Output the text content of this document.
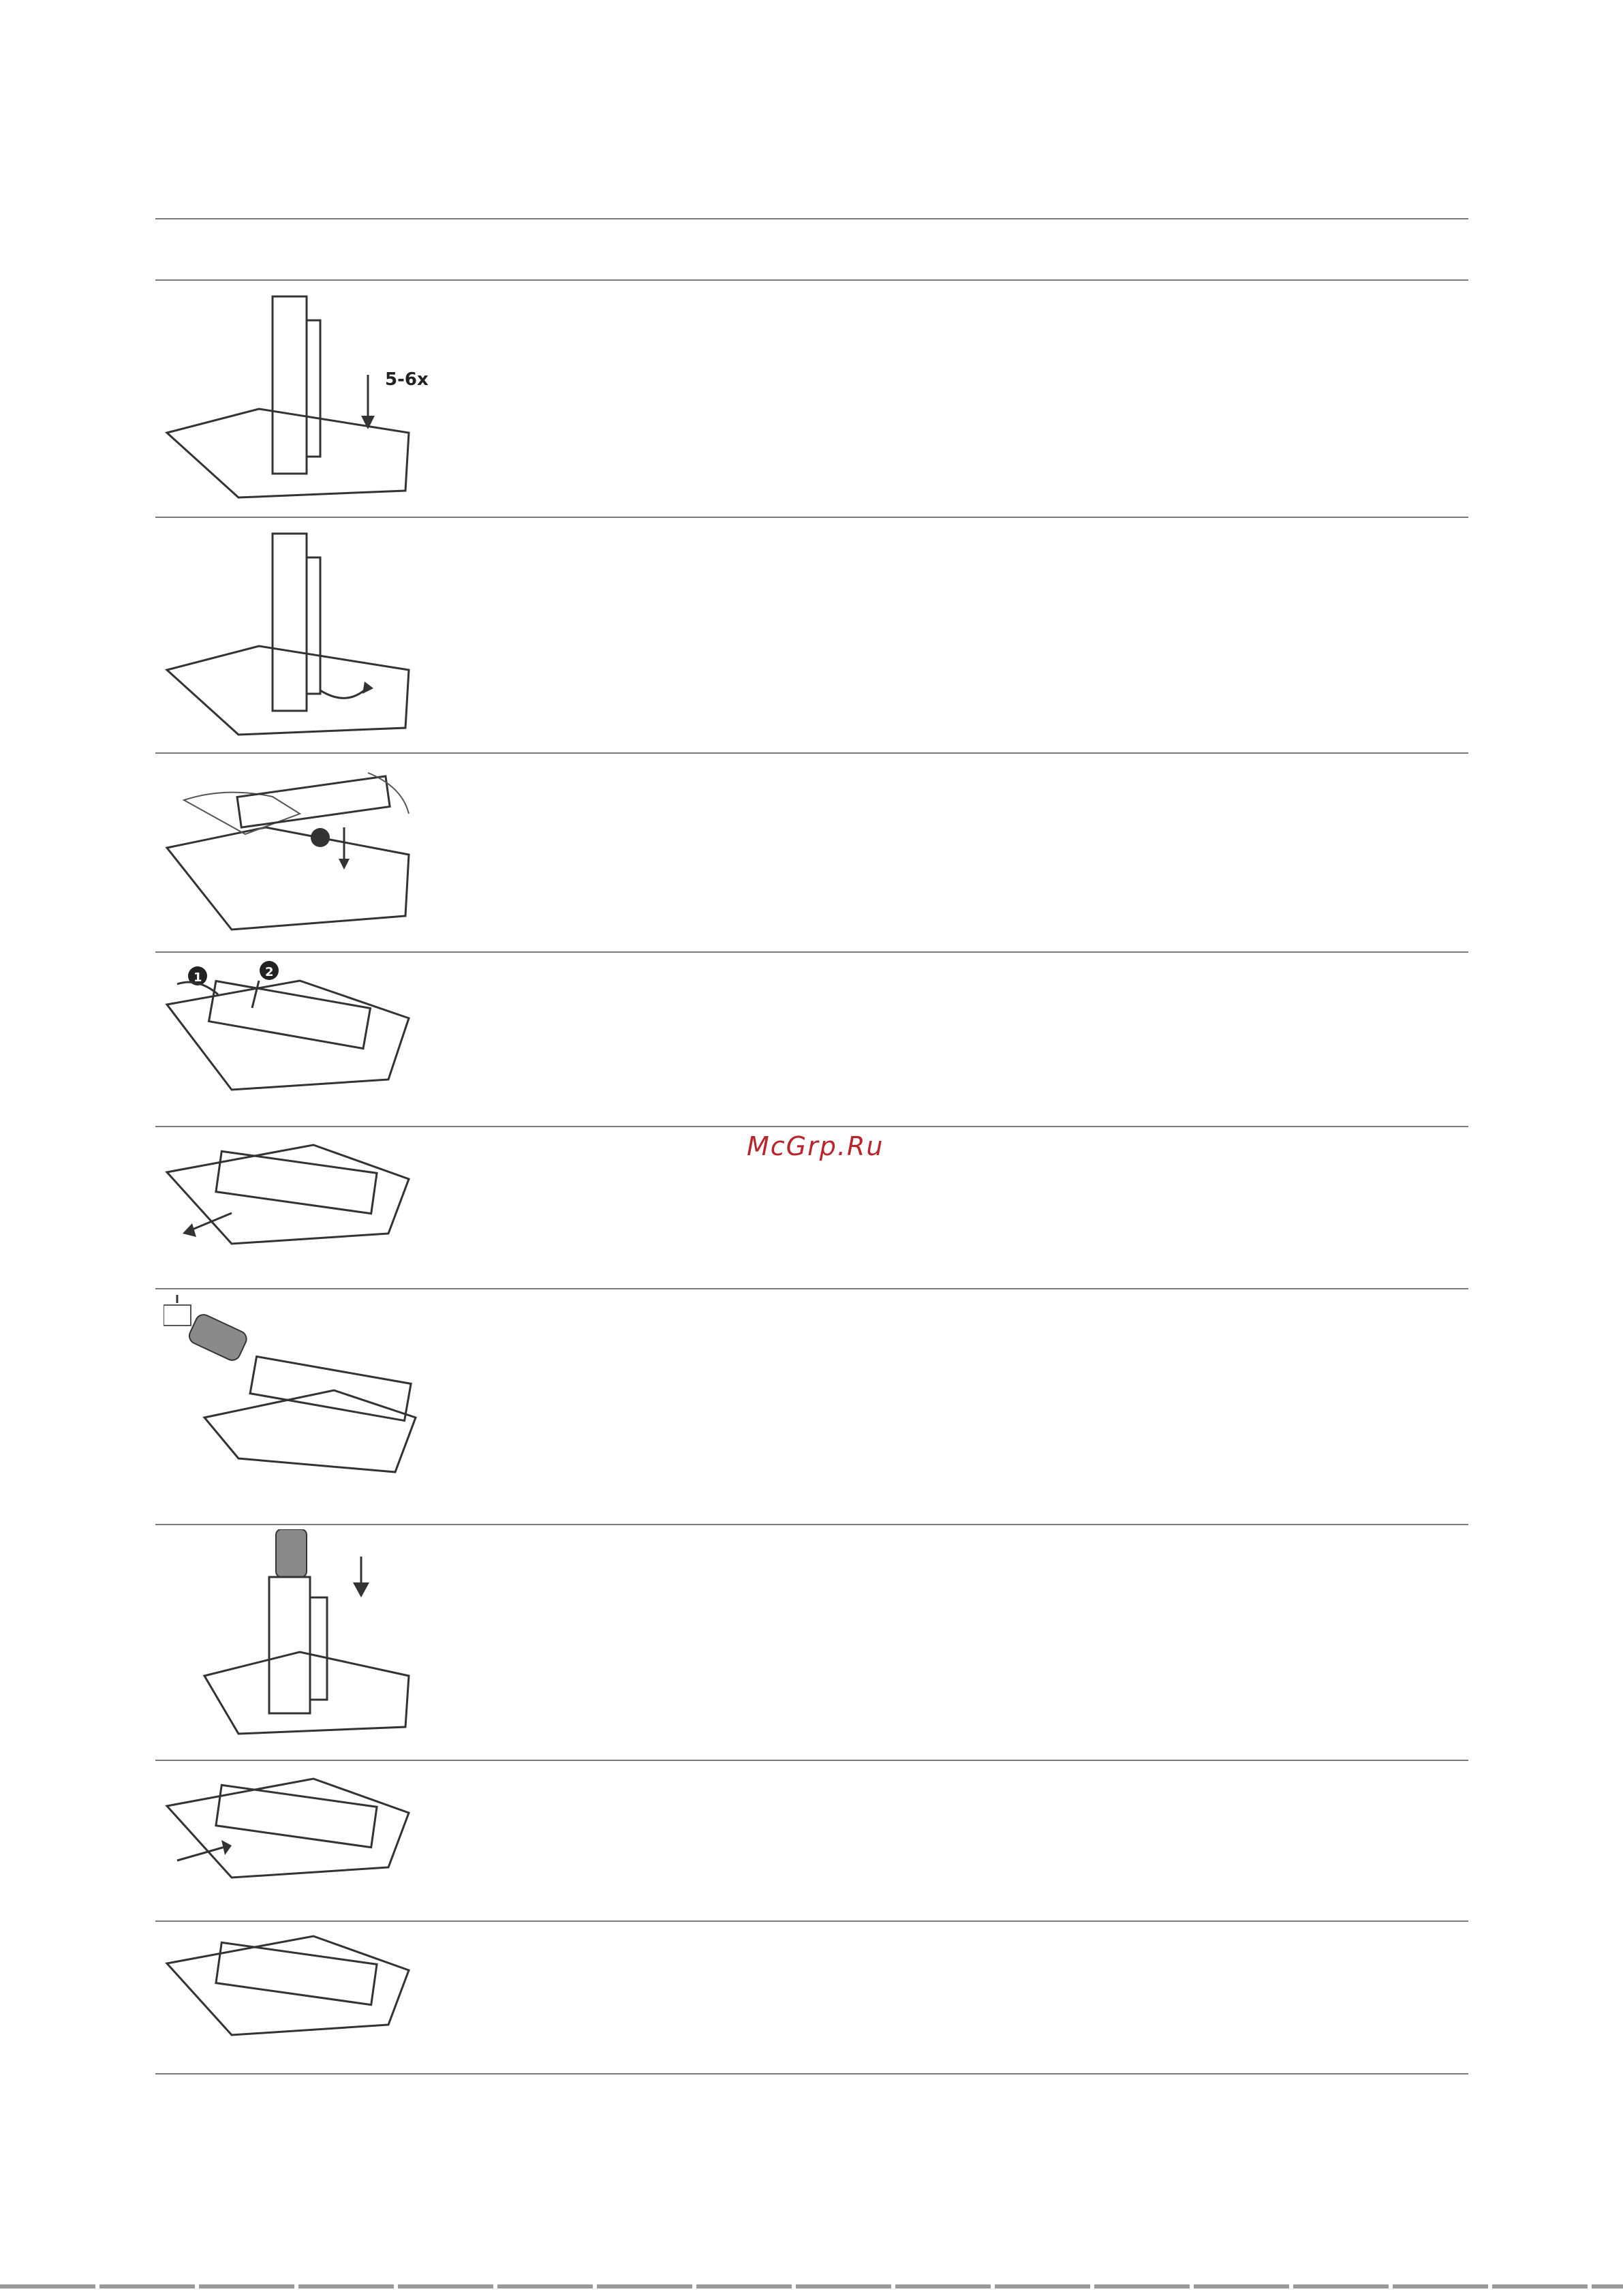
5-6x
1	2
McGrp.Ru
